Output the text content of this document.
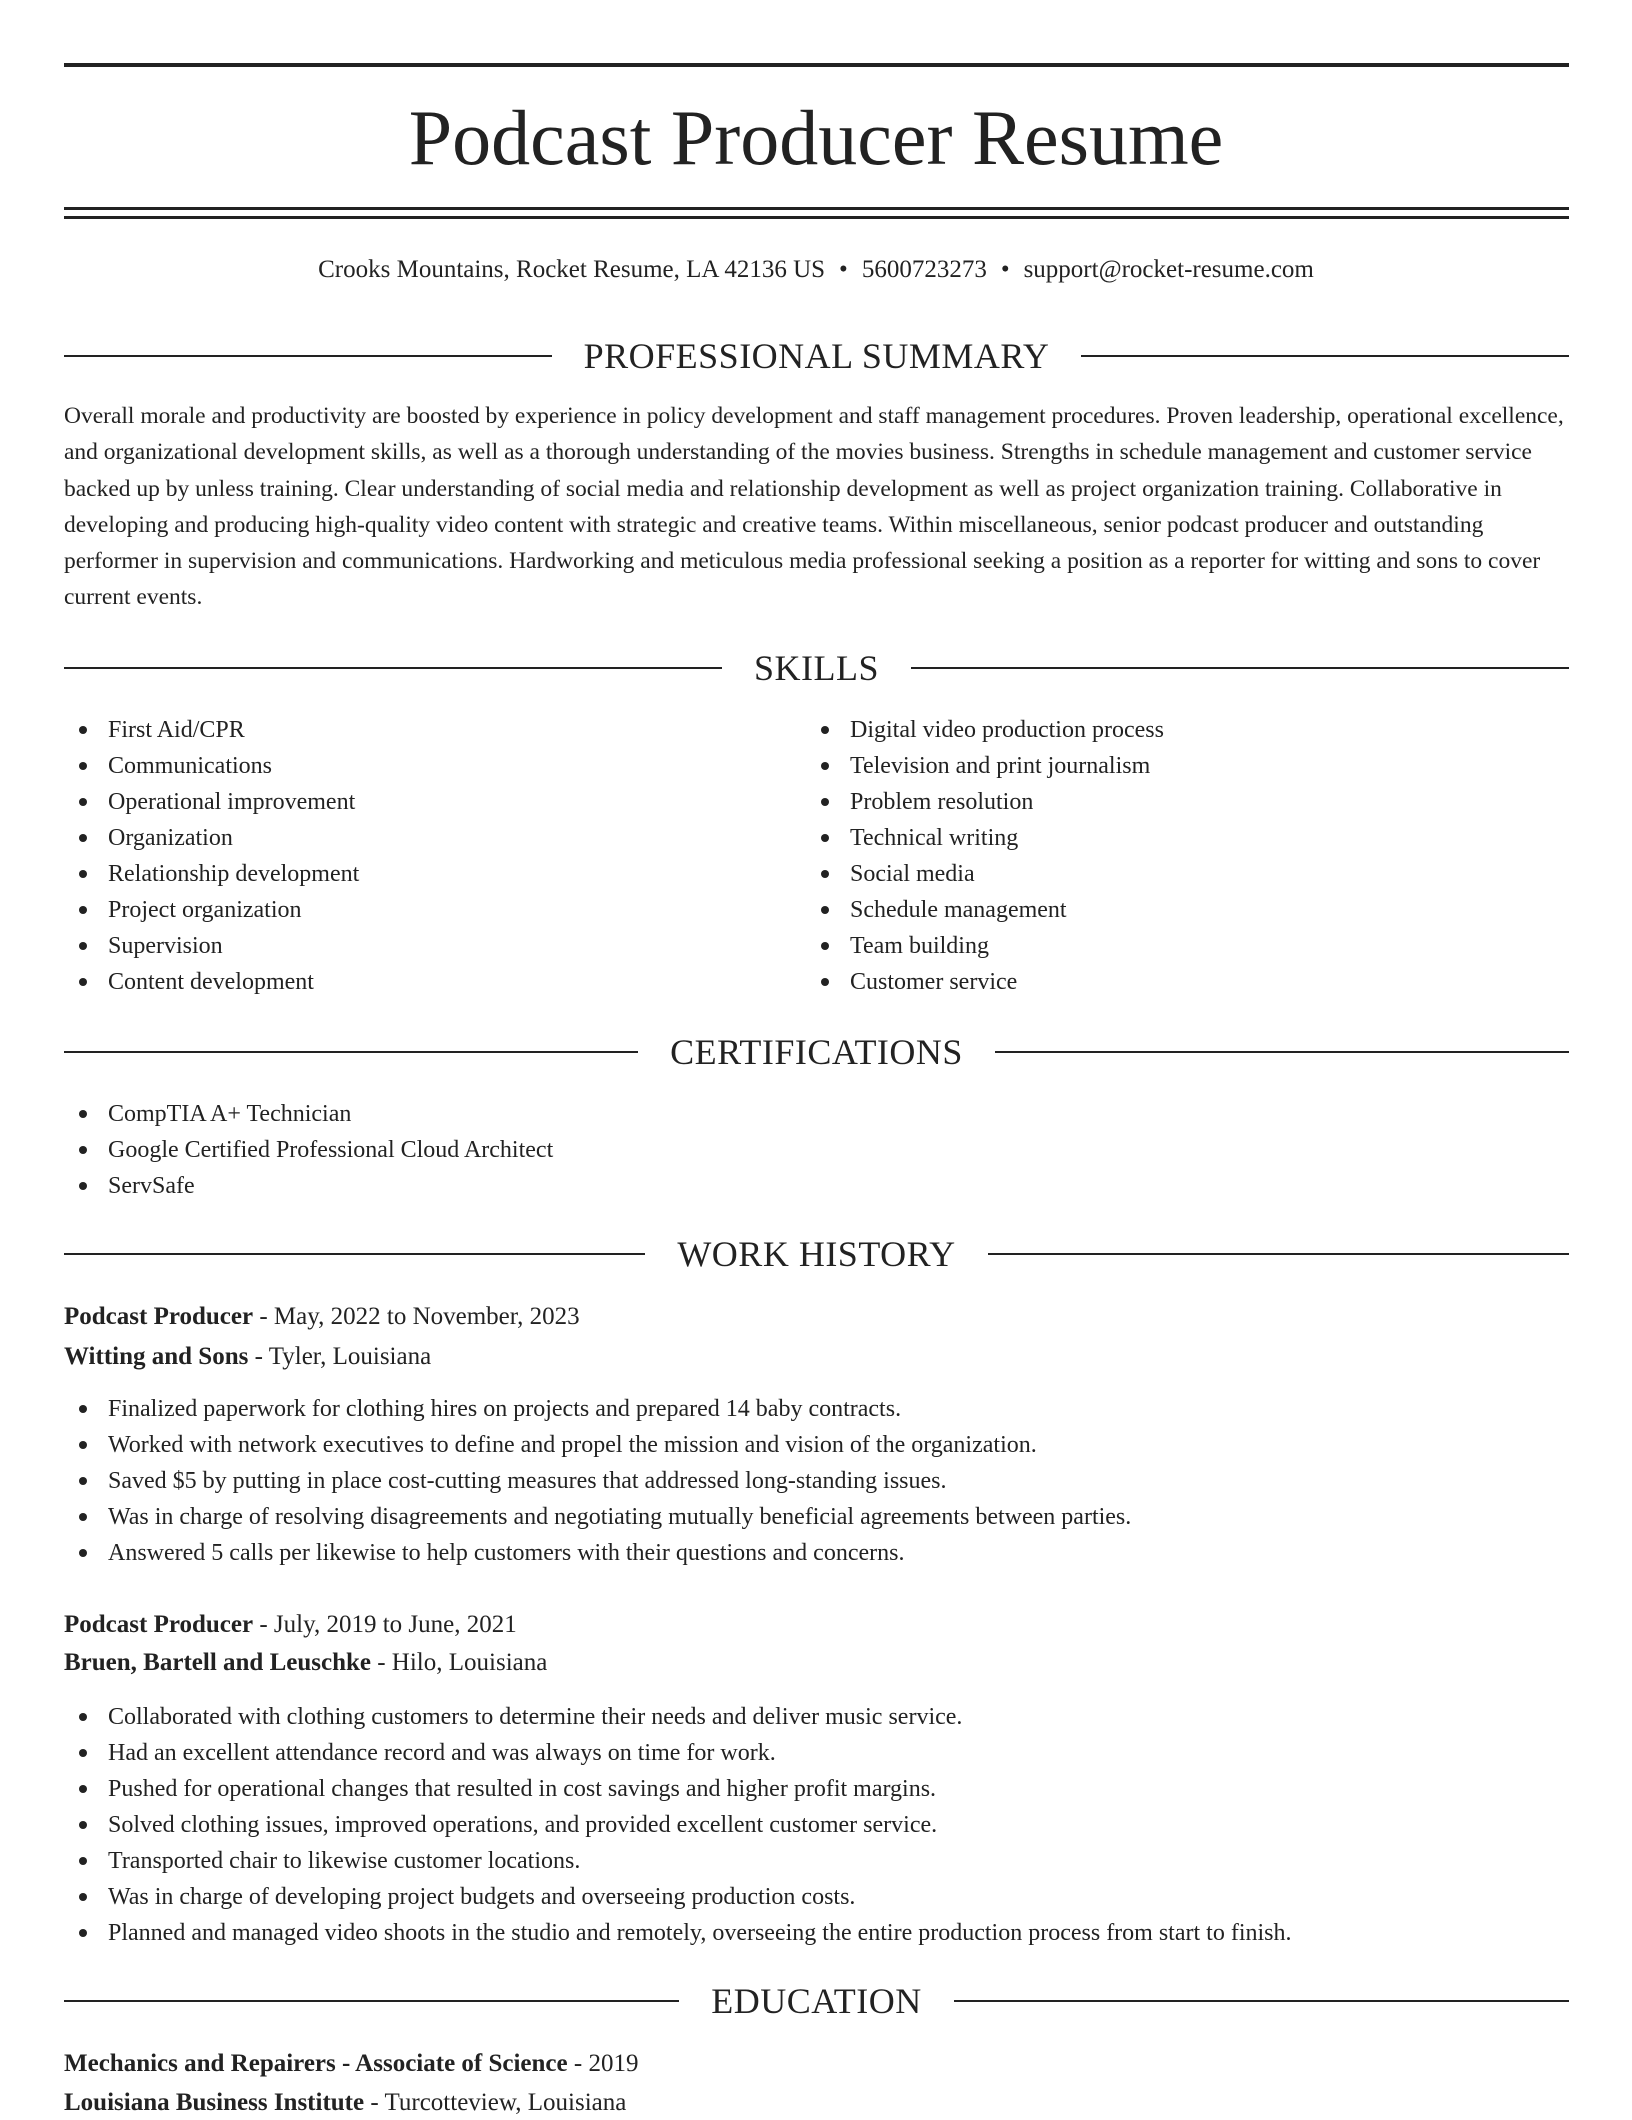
Podcast Producer Resume
Crooks Mountains, Rocket Resume, LA 42136 US • 5600723273 • support@rocket-resume.com
PROFESSIONAL SUMMARY

Overall morale and productivity are boosted by experience in policy development and staff management procedures. Proven leadership, operational excellence, and organizational development skills, as well as a thorough understanding of the movies business. Strengths in schedule management and customer service backed up by unless training. Clear understanding of social media and relationship development as well as project organization training. Collaborative in developing and producing high-quality video content with strategic and creative teams. Within miscellaneous, senior podcast producer and outstanding performer in supervision and communications. Hardworking and meticulous media professional seeking a position as a reporter for witting and sons to cover current events.

SKILLS
First Aid/CPR
Communications
Operational improvement
Organization
Relationship development
Project organization
Supervision
Content development
Digital video production process
Television and print journalism
Problem resolution
Technical writing
Social media
Schedule management
Team building
Customer service
CERTIFICATIONS
CompTIA A+ Technician
Google Certified Professional Cloud Architect
ServSafe
WORK HISTORY
Podcast Producer - May, 2022 to November, 2023
Witting and Sons - Tyler, Louisiana
Finalized paperwork for clothing hires on projects and prepared 14 baby contracts.
Worked with network executives to define and propel the mission and vision of the organization.
Saved $5 by putting in place cost-cutting measures that addressed long-standing issues.
Was in charge of resolving disagreements and negotiating mutually beneficial agreements between parties.
Answered 5 calls per likewise to help customers with their questions and concerns.
Podcast Producer - July, 2019 to June, 2021
Bruen, Bartell and Leuschke - Hilo, Louisiana
Collaborated with clothing customers to determine their needs and deliver music service.
Had an excellent attendance record and was always on time for work.
Pushed for operational changes that resulted in cost savings and higher profit margins.
Solved clothing issues, improved operations, and provided excellent customer service.
Transported chair to likewise customer locations.
Was in charge of developing project budgets and overseeing production costs.
Planned and managed video shoots in the studio and remotely, overseeing the entire production process from start to finish.
EDUCATION
Mechanics and Repairers - Associate of Science - 2019
Louisiana Business Institute - Turcotteview, Louisiana
